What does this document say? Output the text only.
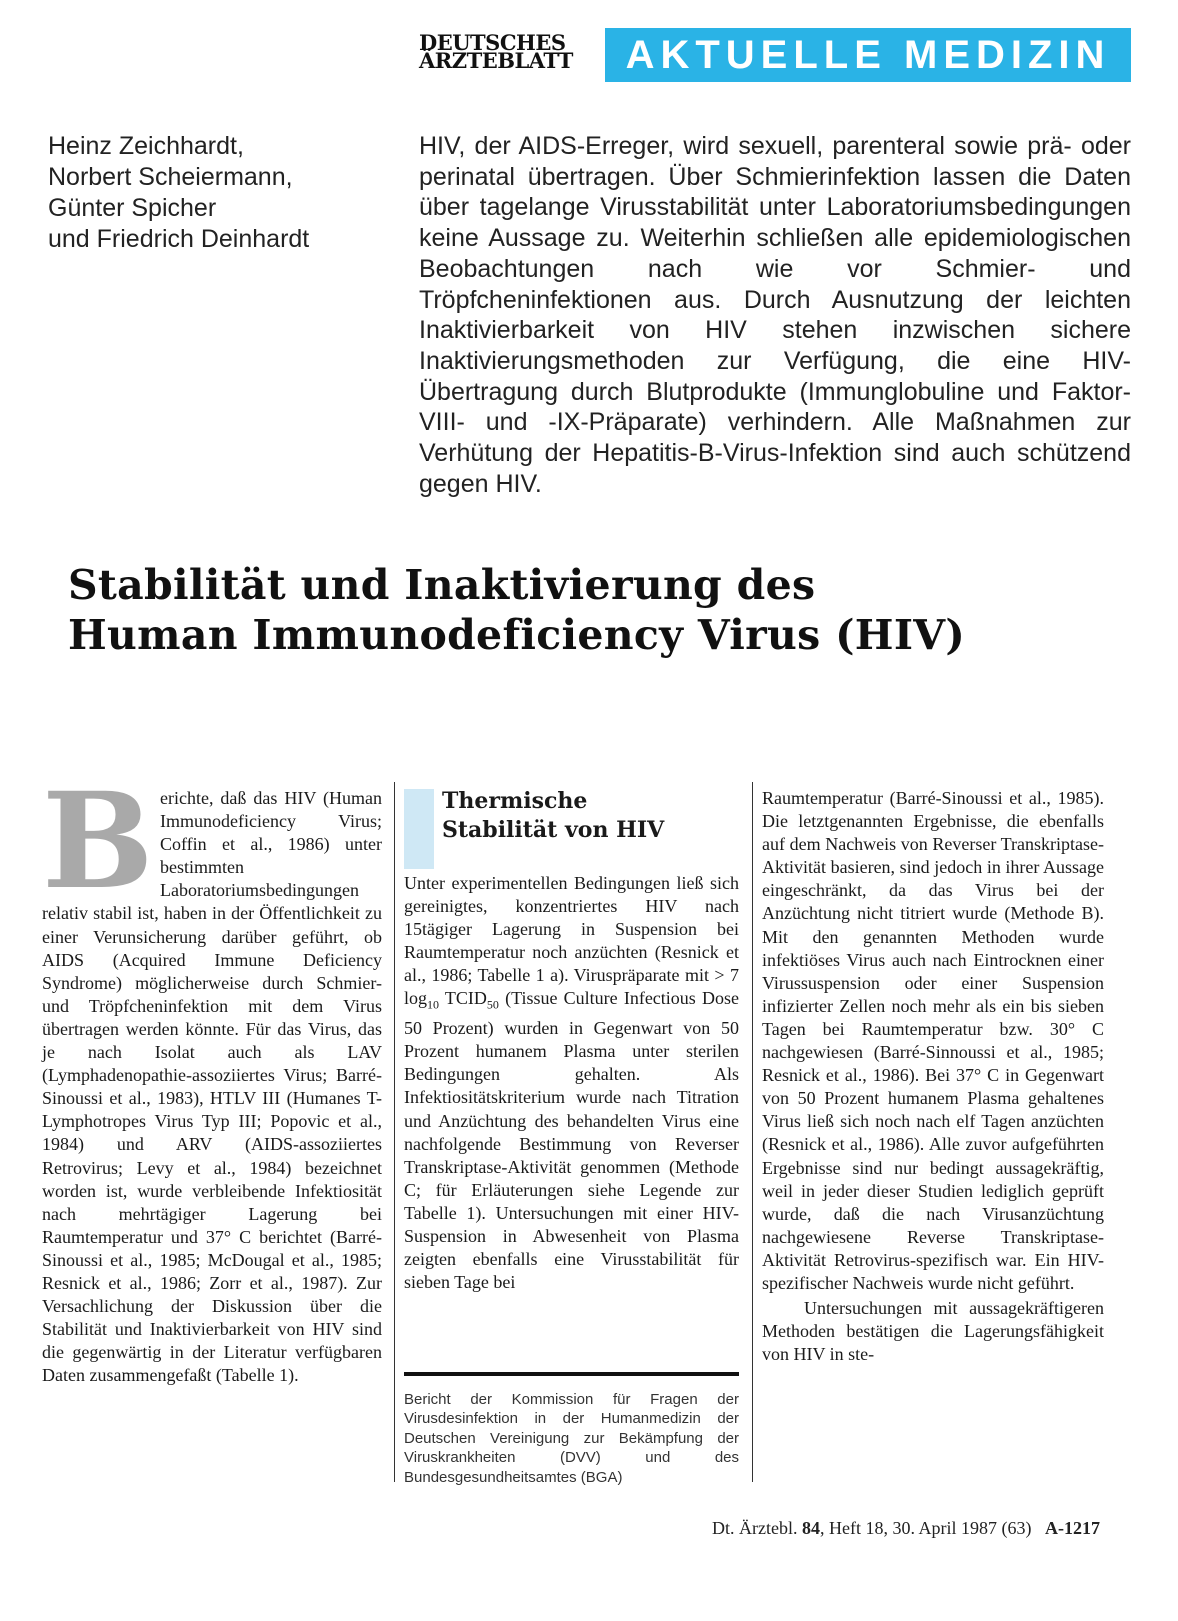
DEUTSCHES
ÄRZTEBLATT	AKTUELLE MEDIZIN
Heinz Zeichhardt,
Norbert Scheiermann,
Günter Spicher
und Friedrich Deinhardt
HIV, der AIDS-Erreger, wird sexuell, parenteral sowie prä- oder perinatal übertragen. Über Schmierinfektion lassen die Daten über tagelange Virusstabilität unter Laboratoriumsbedingungen keine Aussage zu. Weiterhin schließen alle epidemiologischen Beobachtungen nach wie vor Schmier- und Tröpfcheninfektionen aus. Durch Ausnutzung der leichten Inaktivierbarkeit von HIV stehen inzwischen sichere Inaktivierungsmethoden zur Verfügung, die eine HIV-Übertragung durch Blutprodukte (Immunglobuline und Faktor-VIII- und -IX-Präparate) verhindern. Alle Maßnahmen zur Verhütung der Hepatitis-B-Virus-Infektion sind auch schützend gegen HIV.
Stabilität und Inaktivierung des
Human Immunodeficiency Virus (HIV)
B erichte, daß das HIV (Human Immunodeficiency Virus; Coffin et al., 1986) unter bestimmten Laboratoriumsbedingungen relativ stabil ist, haben in der Öffentlichkeit zu einer Verunsicherung darüber geführt, ob AIDS (Acquired Immune Deficiency Syndrome) möglicherweise durch Schmier- und Tröpfcheninfektion mit dem Virus übertragen werden könnte. Für das Virus, das je nach Isolat auch als LAV (Lymphadenopathie-assoziiertes Virus; Barré-Sinoussi et al., 1983), HTLV III (Humanes T-Lymphotropes Virus Typ III; Popovic et al., 1984) und ARV (AIDS-assoziiertes Retrovirus; Levy et al., 1984) bezeichnet worden ist, wurde verbleibende Infektiosität nach mehrtägiger Lagerung bei Raumtemperatur und 37° C berichtet (Barré-Sinoussi et al., 1985; McDougal et al., 1985; Resnick et al., 1986; Zorr et al., 1987). Zur Versachlichung der Diskussion über die Stabilität und Inaktivierbarkeit von HIV sind die gegenwärtig in der Literatur verfügbaren Daten zusammengefaßt (Tabelle 1).
Thermische
Stabilität von HIV
Unter experimentellen Bedingungen ließ sich gereinigtes, konzentriertes HIV nach 15tägiger Lagerung in Suspension bei Raumtemperatur noch anzüchten (Resnick et al., 1986; Tabelle 1 a). Viruspräparate mit > 7 $\log_{10}$ $TCID_{50}$ (Tissue Culture Infectious Dose 50 Prozent) wurden in Gegenwart von 50 Prozent humanem Plasma unter sterilen Bedingungen gehalten. Als Infektiositätskriterium wurde nach Titration und Anzüchtung des behandelten Virus eine nachfolgende Bestimmung von Reverser Transkriptase-Aktivität genommen (Methode C; für Erläuterungen siehe Legende zur Tabelle 1). Untersuchungen mit einer HIV-Suspension in Abwesenheit von Plasma zeigten ebenfalls eine Virusstabilität für sieben Tage bei
Bericht der Kommission für Fragen der Virusdesinfektion in der Humanmedizin der Deutschen Vereinigung zur Bekämpfung der Viruskrankheiten (DVV) und des Bundesgesundheitsamtes (BGA)
Raumtemperatur (Barré-Sinoussi et al., 1985). Die letztgenannten Ergebnisse, die ebenfalls auf dem Nachweis von Reverser Transkriptase-Aktivität basieren, sind jedoch in ihrer Aussage eingeschränkt, da das Virus bei der Anzüchtung nicht titriert wurde (Methode B). Mit den genannten Methoden wurde infektiöses Virus auch nach Eintrocknen einer Virussuspension oder einer Suspension infizierter Zellen noch mehr als ein bis sieben Tagen bei Raumtemperatur bzw. 30° C nachgewiesen (Barré-Sinnoussi et al., 1985; Resnick et al., 1986). Bei 37° C in Gegenwart von 50 Prozent humanem Plasma gehaltenes Virus ließ sich noch nach elf Tagen anzüchten (Resnick et al., 1986). Alle zuvor aufgeführten Ergebnisse sind nur bedingt aussagekräftig, weil in jeder dieser Studien lediglich geprüft wurde, daß die nach Virusanzüchtung nachgewiesene Reverse Transkriptase-Aktivität Retrovirus-spezifisch war. Ein HIV-spezifischer Nachweis wurde nicht geführt.
Untersuchungen mit aussagekräftigeren Methoden bestätigen die Lagerungsfähigkeit von HIV in ste-
Dt. Ärztebl. 84, Heft 18, 30. April 1987 (63) A-1217
